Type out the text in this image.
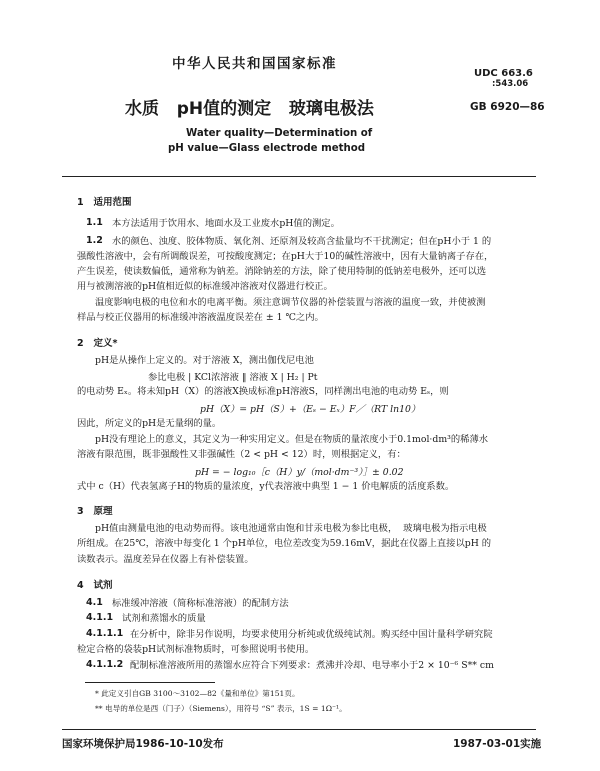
中华人民共和国国家标准
UDC 663.6
:543.06
GB 6920—86
水质   pH值的测定   玻璃电极法
Water quality—Determination of
pH value—Glass electrode method
1   适用范围
1.1 本方法适用于饮用水、地面水及工业废水pH值的测定。
1.2 水的颜色、浊度、胶体物质、氧化剂、还原剂及较高含盐量均不干扰测定；但在pH小于 1 的
强酸性溶液中，会有所调酸误差，可按酸度测定；在pH大于10的碱性溶液中，因有大量钠离子存在，
产生误差，使读数偏低，通常称为钠差。消除钠差的方法，除了使用特制的低钠差电极外，还可以选
用与被测溶液的pH值相近似的标准缓冲溶液对仪器进行校正。
温度影响电极的电位和水的电离平衡。须注意调节仪器的补偿装置与溶液的温度一致，并使被测
样品与校正仪器用的标准缓冲溶液温度误差在 ± 1 ℃之内。
2   定义*
pH是从操作上定义的。对于溶液 X，测出伽伐尼电池
参比电极 | KCl浓溶液 ‖ 溶液 X | H₂ | Pt
的电动势 Eₓ。将未知pH（X）的溶液X换成标准pH溶液S，同样测出电池的电动势 Eₛ，则
pH（X）= pH（S）+（Eₛ − Eₓ）F／（RT ln10）
因此，所定义的pH是无量纲的量。
pH没有理论上的意义，其定义为一种实用定义。但是在物质的量浓度小于0.1mol·dm³的稀薄水
溶液有限范围，既非强酸性又非强碱性（2 < pH < 12）时，则根据定义，有：
pH = − log₁₀［c（H）y/（mol·dm⁻³）］± 0.02
式中 c（H）代表氢离子H的物质的量浓度，y代表溶液中典型 1 − 1 价电解质的活度系数。
3   原理
pH值由测量电池的电动势而得。该电池通常由饱和甘汞电极为参比电极，  玻璃电极为指示电极
所组成。在25℃，溶液中每变化 1 个pH单位，电位差改变为59.16mV，据此在仪器上直接以pH 的
读数表示。温度差异在仪器上有补偿装置。
4   试剂
4.1 标准缓冲溶液（简称标准溶液）的配制方法
4.1.1 试剂和蒸馏水的质量
4.1.1.1 在分析中，除非另作说明，均要求使用分析纯或优级纯试剂。购买经中国计量科学研究院
检定合格的袋装pH试剂标准物质时，可参照说明书使用。
4.1.1.2 配制标准溶液所用的蒸馏水应符合下列要求：煮沸并冷却、电导率小于2 × 10⁻⁶ S** cm
* 此定义引自GB 3100～3102—82《量和单位》第151页。
** 电导的单位是西（门子）（Siemens），用符号 “S” 表示，1S = 1Ω⁻¹。
国家环境保护局1986-10-10发布	1987-03-01实施
